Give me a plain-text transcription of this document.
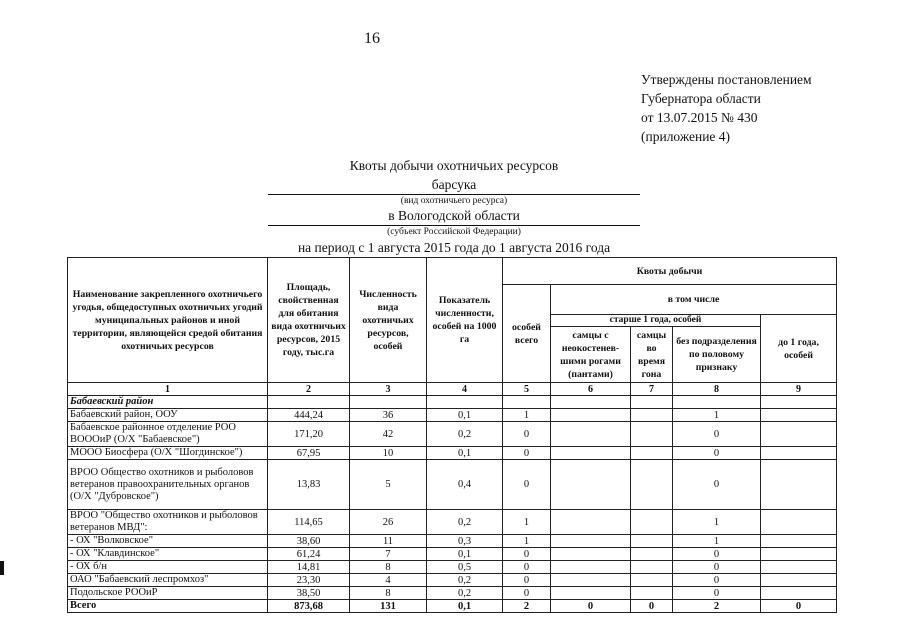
16
Утверждены постановлением
Губернатора области
от 13.07.2015 № 430
(приложение 4)
Квоты добычи охотничьих ресурсов
барсука
(вид охотничьего ресурса)
в Вологодской области
(субъект Российской Федерации)
на период с 1 августа 2015 года до 1 августа 2016 года
Наименование закрепленного охотничьего угодья, общедоступных охотничьих угодий муниципальных районов и иной территории, являющейся средой обитания охотничьих ресурсов	Площадь, свойственная для обитания вида охотничьих ресурсов, 2015 году, тыс.га	Численность вида охотничьих ресурсов, особей	Показатель численности, особей на 1000 га	Квоты добычи				
				особей всего	в том числе			
					старше 1 года, особей			до 1 года, особей
					самцы с неокостенев-шими рогами (пантами)	самцы во время гона	без подразделения по половому признаку	
1	2	3	4	5	6	7	8	9
Бабаевский район								
Бабаевский район, ООУ	444,24	36	0,1	1			1	
Бабаевское районное отделение РОО ВОООиР (О/Х "Бабаевское")	171,20	42	0,2	0			0	
МООО Биосфера (О/Х "Шогдинское")	67,95	10	0,1	0			0	
ВРОО Общество охотников и рыболовов ветеранов правоохранительных органов (О/Х "Дубровское")	13,83	5	0,4	0			0	
ВРОО "Общество охотников и рыболовов ветеранов МВД":	114,65	26	0,2	1			1	
- ОХ "Волковское"	38,60	11	0,3	1			1	
- ОХ "Клавдинское"	61,24	7	0,1	0			0	
- ОХ б/н	14,81	8	0,5	0			0	
ОАО "Бабаевский леспромхоз"	23,30	4	0,2	0			0	
Подольское РООиР	38,50	8	0,2	0			0	
Всего	873,68	131	0,1	2	0	0	2	0
